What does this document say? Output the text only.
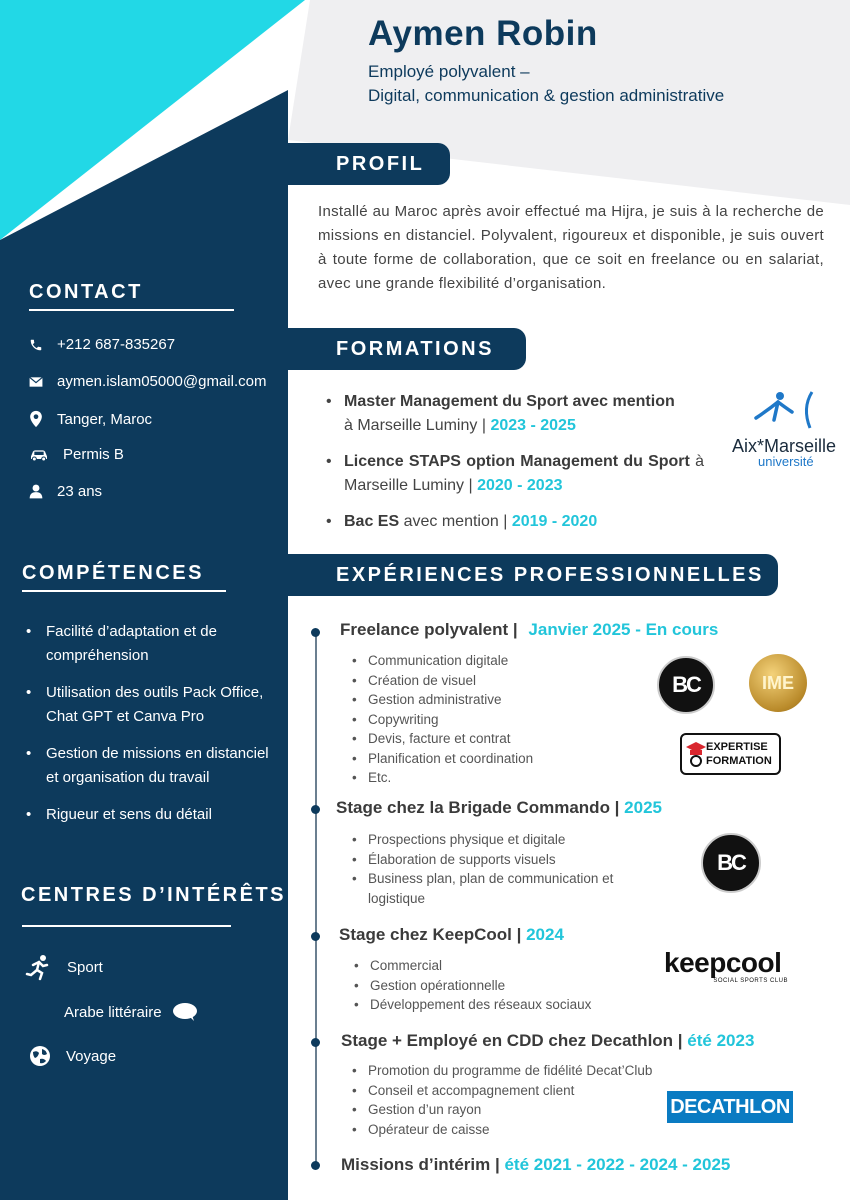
Aymen Robin
Employé polyvalent –
Digital, communication & gestion administrative
PROFIL
Installé au Maroc après avoir effectué ma Hijra, je suis à la recherche de missions en distanciel. Polyvalent, rigoureux et disponible, je suis ouvert à toute forme de collaboration, que ce soit en freelance ou en salariat, avec une grande flexibilité d’organisation.
FORMATIONS
• Master Management du Sport avec mention
à Marseille Luminy | 2023 - 2025
• Licence STAPS option Management du Sport à Marseille Luminy | 2020 - 2023
• Bac ES avec mention | 2019 - 2020
Aix*Marseille
université
EXPÉRIENCES PROFESSIONNELLES
Freelance polyvalent | Janvier 2025 - En cours
• Communication digitale
• Création de visuel
• Gestion administrative
• Copywriting
• Devis, facture et contrat
• Planification et coordination
• Etc.
BC	IME
EXPERTISE
FORMATION
Stage chez la Brigade Commando | 2025
• Prospections physique et digitale
• Élaboration de supports visuels
• Business plan, plan de communication et logistique
BC
Stage chez KeepCool | 2024
• Commercial
• Gestion opérationnelle
• Développement des réseaux sociaux
keepcool
SOCIAL SPORTS CLUB
Stage + Employé en CDD chez Decathlon | été 2023
• Promotion du programme de fidélité Decat’Club
• Conseil et accompagnement client
• Gestion d’un rayon
• Opérateur de caisse
DECATHLON
Missions d’intérim | été 2021 - 2022 - 2024 - 2025
CONTACT
+212 687-835267
aymen.islam05000@gmail.com
Tanger, Maroc
Permis B
23 ans
COMPÉTENCES
• Facilité d’adaptation et de compréhension
• Utilisation des outils Pack Office, Chat GPT et Canva Pro
• Gestion de missions en distanciel et organisation du travail
• Rigueur et sens du détail
CENTRES D’INTÉRÊTS
Sport
Arabe littéraire
Voyage
